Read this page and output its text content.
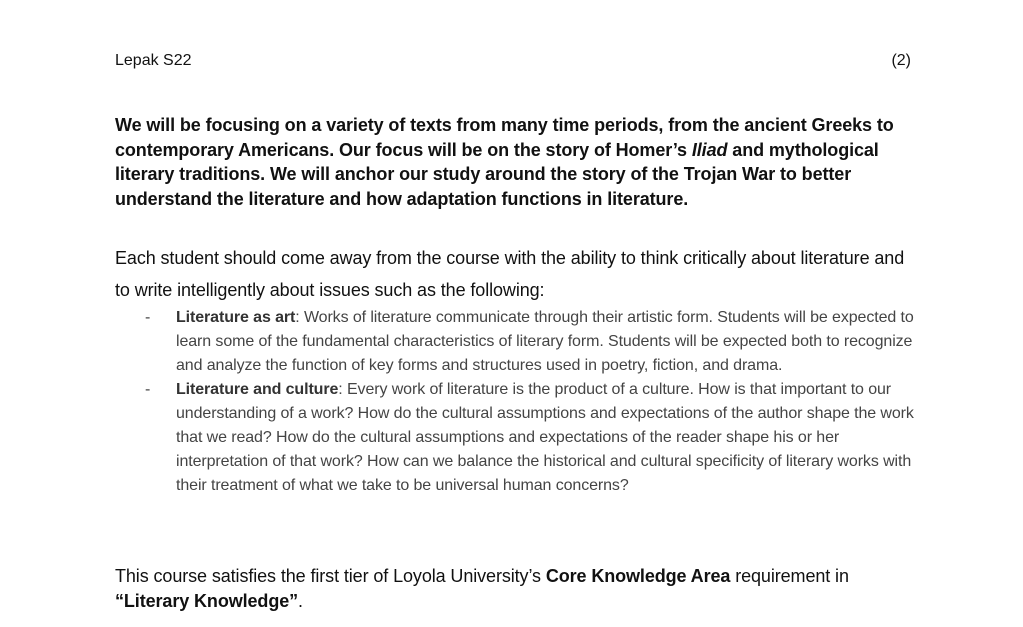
Lepak S22	(2)

We will be focusing on a variety of texts from many time periods, from the ancient Greeks to contemporary Americans. Our focus will be on the story of Homer’s Iliad and mythological literary traditions. We will anchor our study around the story of the Trojan War to better understand the literature and how adaptation functions in literature.

Each student should come away from the course with the ability to think critically about literature and to write intelligently about issues such as the following:

- Literature as art: Works of literature communicate through their artistic form. Students will be expected to learn some of the fundamental characteristics of literary form. Students will be expected both to recognize and analyze the function of key forms and structures used in poetry, fiction, and drama.
- Literature and culture: Every work of literature is the product of a culture. How is that important to our understanding of a work? How do the cultural assumptions and expectations of the author shape the work that we read? How do the cultural assumptions and expectations of the reader shape his or her interpretation of that work? How can we balance the historical and cultural specificity of literary works with their treatment of what we take to be universal human concerns?

This course satisfies the first tier of Loyola University’s Core Knowledge Area requirement in “Literary Knowledge”.
